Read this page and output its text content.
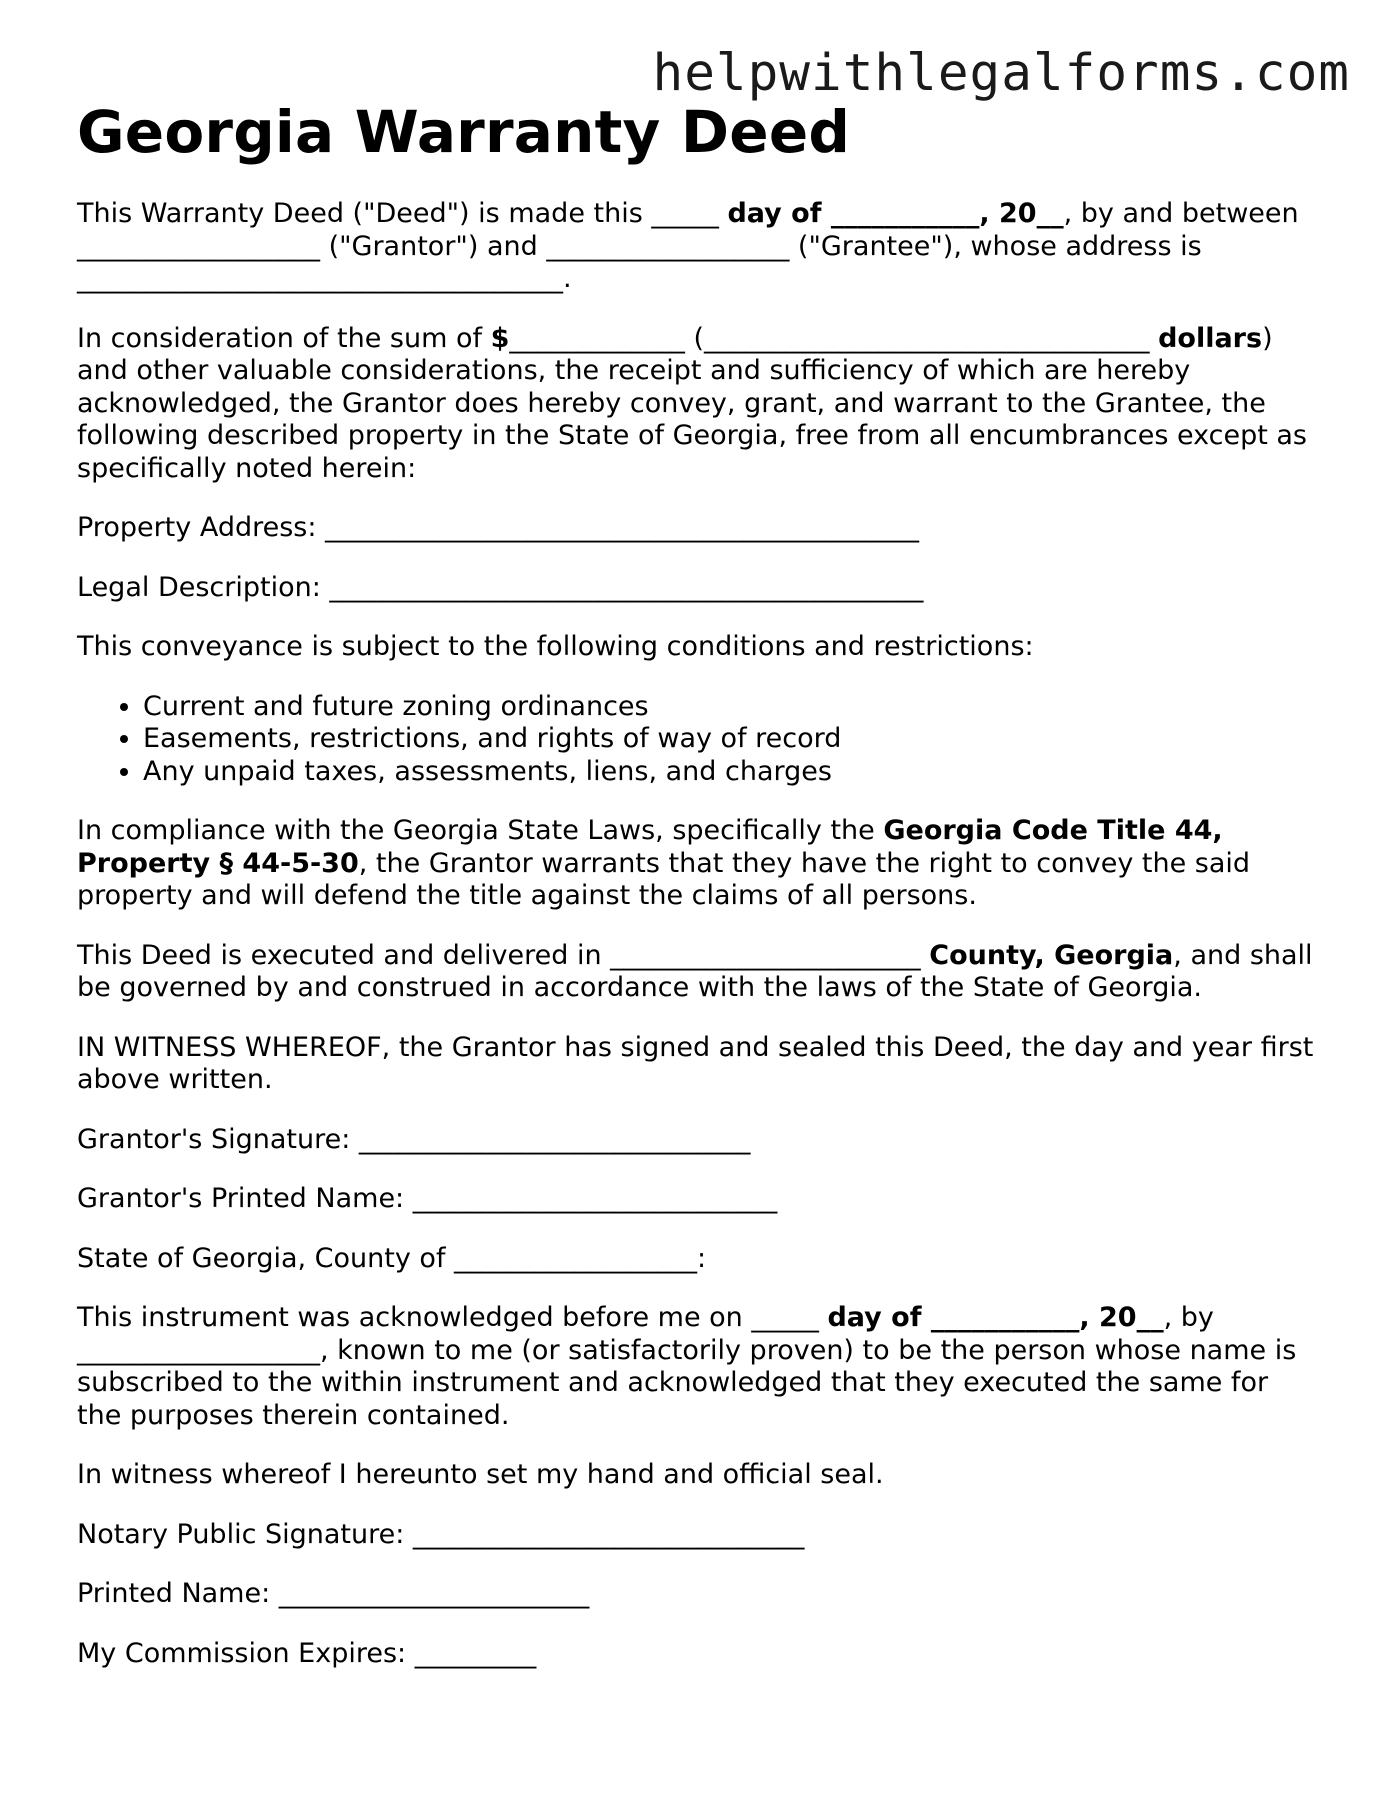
helpwithlegalforms.com
Georgia Warranty Deed

This Warranty Deed ("Deed") is made this _____ day of ___________, 20__, by and between __________________ ("Grantor") and __________________ ("Grantee"), whose address is ____________________________________.

In consideration of the sum of $_____________ (_________________________________ dollars) and other valuable considerations, the receipt and sufficiency of which are hereby acknowledged, the Grantor does hereby convey, grant, and warrant to the Grantee, the following described property in the State of Georgia, free from all encumbrances except as specifically noted herein:

Property Address: ____________________________________________

Legal Description: ____________________________________________

This conveyance is subject to the following conditions and restrictions:

• Current and future zoning ordinances
• Easements, restrictions, and rights of way of record
• Any unpaid taxes, assessments, liens, and charges

In compliance with the Georgia State Laws, specifically the Georgia Code Title 44, Property § 44-5-30, the Grantor warrants that they have the right to convey the said property and will defend the title against the claims of all persons.

This Deed is executed and delivered in _______________________ County, Georgia, and shall be governed by and construed in accordance with the laws of the State of Georgia.

IN WITNESS WHEREOF, the Grantor has signed and sealed this Deed, the day and year first above written.

Grantor's Signature: _____________________________

Grantor's Printed Name: ___________________________

State of Georgia, County of __________________:

This instrument was acknowledged before me on _____ day of ___________, 20__, by __________________, known to me (or satisfactorily proven) to be the person whose name is subscribed to the within instrument and acknowledged that they executed the same for the purposes therein contained.

In witness whereof I hereunto set my hand and official seal.

Notary Public Signature: _____________________________

Printed Name: _______________________

My Commission Expires: _________
